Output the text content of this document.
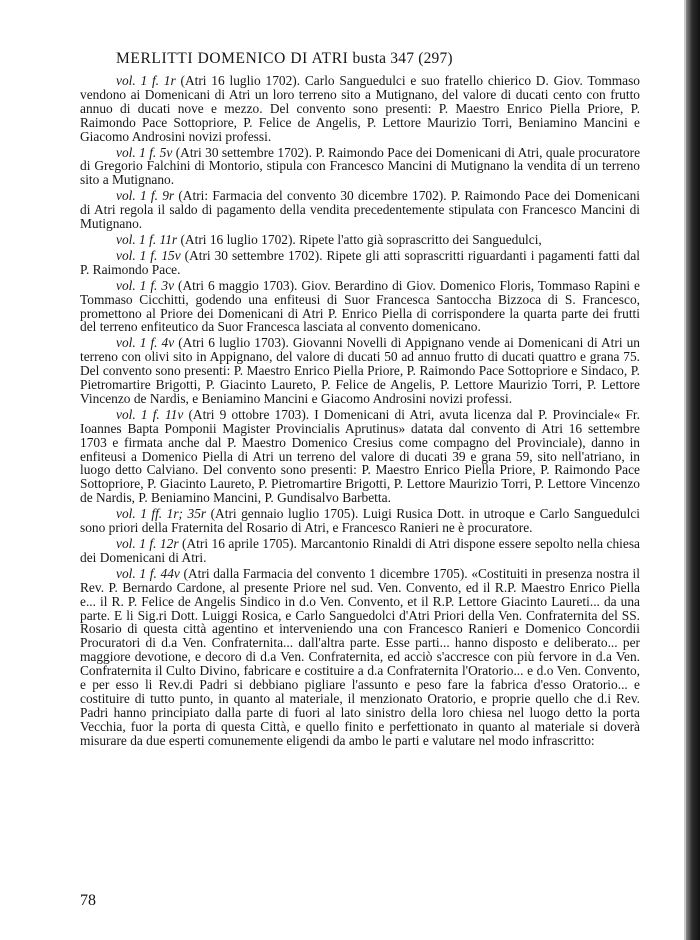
MERLITTI DOMENICO DI ATRI busta 347 (297)

vol. 1 f. 1r (Atri 16 luglio 1702). Carlo Sanguedulci e suo fratello chierico D. Giov. Tommaso vendono ai Domenicani di Atri un loro terreno sito a Mutignano, del valore di ducati cento con frutto annuo di ducati nove e mezzo. Del convento sono presenti: P. Maestro Enrico Piella Priore, P. Raimondo Pace Sottopriore, P. Felice de Angelis, P. Lettore Maurizio Torri, Beniamino Mancini e Giacomo Androsini novizi professi.

vol. 1 f. 5v (Atri 30 settembre 1702). P. Raimondo Pace dei Domenicani di Atri, quale procuratore di Gregorio Falchini di Montorio, stipula con Francesco Mancini di Mutignano la vendita di un terreno sito a Mutignano.

vol. 1 f. 9r (Atri: Farmacia del convento 30 dicembre 1702). P. Raimondo Pace dei Domenicani di Atri regola il saldo di pagamento della vendita precedentemente stipulata con Francesco Mancini di Mutignano.

vol. 1 f. 11r (Atri 16 luglio 1702). Ripete l'atto già soprascritto dei Sanguedulci,

vol. 1 f. 15v (Atri 30 settembre 1702). Ripete gli atti soprascritti riguardanti i pagamenti fatti dal P. Raimondo Pace.

vol. 1 f. 3v (Atri 6 maggio 1703). Giov. Berardino di Giov. Domenico Floris, Tommaso Rapini e Tommaso Cicchitti, godendo una enfiteusi di Suor Francesca Santoccha Bizzoca di S. Francesco, promettono al Priore dei Domenicani di Atri P. Enrico Piella di corrispondere la quarta parte dei frutti del terreno enfiteutico da Suor Francesca lasciata al convento domenicano.

vol. 1 f. 4v (Atri 6 luglio 1703). Giovanni Novelli di Appignano vende ai Domenicani di Atri un terreno con olivi sito in Appignano, del valore di ducati 50 ad annuo frutto di ducati quattro e grana 75. Del convento sono presenti: P. Maestro Enrico Piella Priore, P. Raimondo Pace Sottopriore e Sindaco, P. Pietromartire Brigotti, P. Giacinto Laureto, P. Felice de Angelis, P. Lettore Maurizio Torri, P. Lettore Vincenzo de Nardis, e Beniamino Mancini e Giacomo Androsini novizi professi.

vol. 1 f. 11v (Atri 9 ottobre 1703). I Domenicani di Atri, avuta licenza dal P. Provinciale« Fr. Ioannes Bapta Pomponii Magister Provincialis Aprutinus» datata dal convento di Atri 16 settembre 1703 e firmata anche dal P. Maestro Domenico Cresius come compagno del Provinciale), danno in enfiteusi a Domenico Piella di Atri un terreno del valore di ducati 39 e grana 59, sito nell'atriano, in luogo detto Calviano. Del convento sono presenti: P. Maestro Enrico Piella Priore, P. Raimondo Pace Sottopriore, P. Giacinto Laureto, P. Pietromartire Brigotti, P. Lettore Maurizio Torri, P. Lettore Vincenzo de Nardis, P. Beniamino Mancini, P. Gundisalvo Barbetta.

vol. 1 ff. 1r; 35r (Atri gennaio luglio 1705). Luigi Rusica Dott. in utroque e Carlo Sanguedulci sono priori della Fraternita del Rosario di Atri, e Francesco Ranieri ne è procuratore.

vol. 1 f. 12r (Atri 16 aprile 1705). Marcantonio Rinaldi di Atri dispone essere sepolto nella chiesa dei Domenicani di Atri.

vol. 1 f. 44v (Atri dalla Farmacia del convento 1 dicembre 1705). «Costituiti in presenza nostra il Rev. P. Bernardo Cardone, al presente Priore nel sud. Ven. Convento, ed il R.P. Maestro Enrico Piella e... il R. P. Felice de Angelis Sindico in d.o Ven. Convento, et il R.P. Lettore Giacinto Laureti... da una parte. E li Sig.ri Dott. Luiggi Rosica, e Carlo Sanguedolci d'Atri Priori della Ven. Confraternita del SS. Rosario di questa città agentino et interveniendo una con Francesco Ranieri e Domenico Concordii Procuratori di d.a Ven. Confraternita... dall'altra parte. Esse parti... hanno disposto e deliberato... per maggiore devotione, e decoro di d.a Ven. Confraternita, ed acciò s'accresce con più fervore in d.a Ven. Confraternita il Culto Divino, fabricare e costituire a d.a Confraternita l'Oratorio... e d.o Ven. Convento, e per esso li Rev.di Padri si debbiano pigliare l'assunto e peso fare la fabrica d'esso Oratorio... e costituire di tutto punto, in quanto al materiale, il menzionato Oratorio, e proprie quello che d.i Rev. Padri hanno principiato dalla parte di fuori al lato sinistro della loro chiesa nel luogo detto la porta Vecchia, fuor la porta di questa Città, e quello finito e perfettionato in quanto al materiale si doverà misurare da due esperti comunemente eligendi da ambo le parti e valutare nel modo infrascritto:

78
